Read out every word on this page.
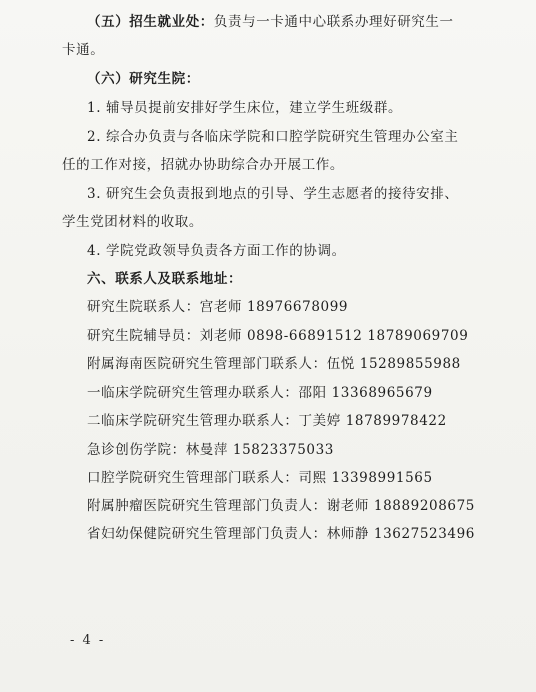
（五）招生就业处：负责与一卡通中心联系办理好研究生一
卡通。
（六）研究生院：
1. 辅导员提前安排好学生床位，建立学生班级群。
2. 综合办负责与各临床学院和口腔学院研究生管理办公室主
任的工作对接，招就办协助综合办开展工作。
3. 研究生会负责报到地点的引导、学生志愿者的接待安排、
学生党团材料的收取。
4. 学院党政领导负责各方面工作的协调。
六、联系人及联系地址：
研究生院联系人：宫老师 18976678099
研究生院辅导员：刘老师 0898-66891512 18789069709
附属海南医院研究生管理部门联系人：伍悦 15289855988
一临床学院研究生管理办联系人：邵阳 13368965679
二临床学院研究生管理办联系人：丁美婷 18789978422
急诊创伤学院：林曼萍 15823375033
口腔学院研究生管理部门联系人：司熙 13398991565
附属肿瘤医院研究生管理部门负责人：谢老师 18889208675
省妇幼保健院研究生管理部门负责人：林师静 13627523496
- 4 -
